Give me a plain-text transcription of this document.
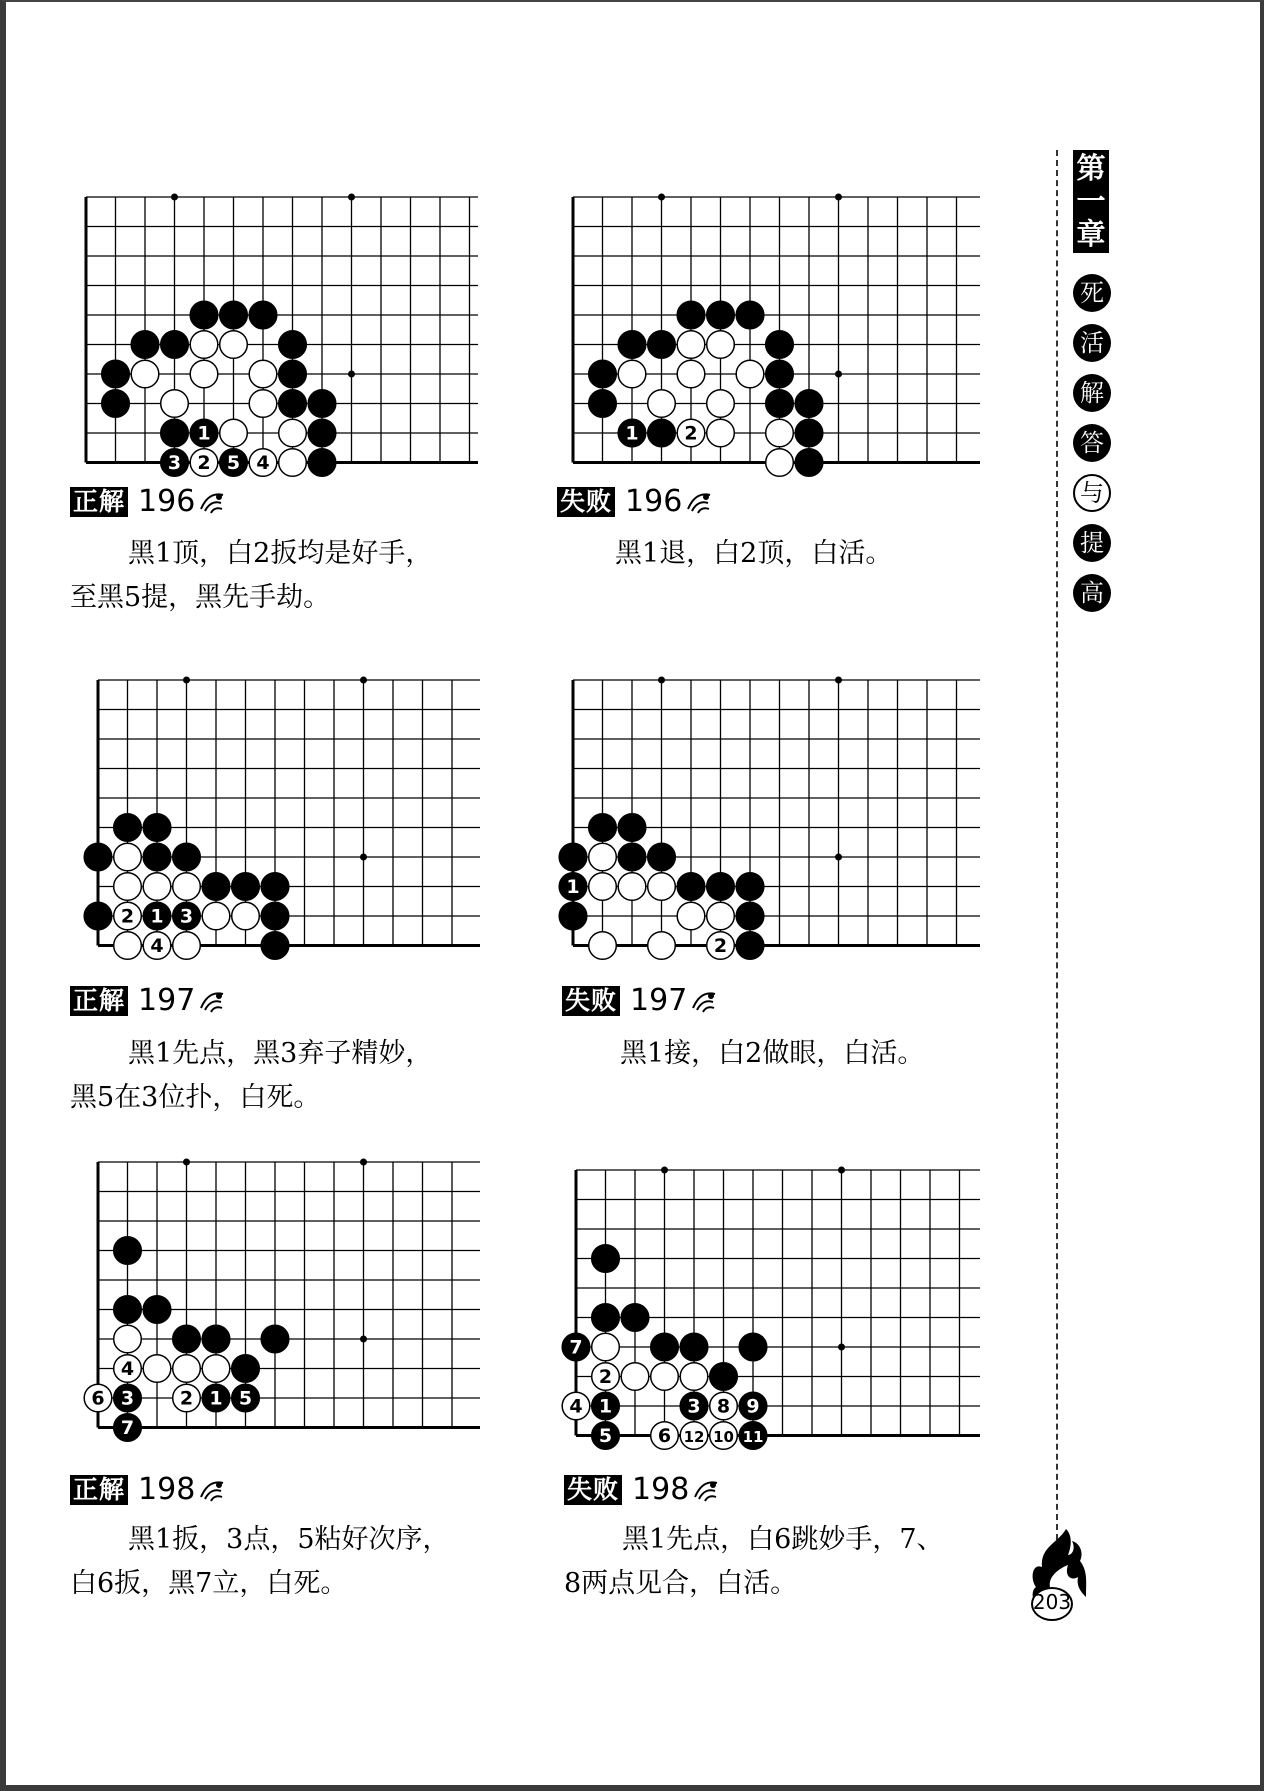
1
3 2 5 4
1 2
2 1 3
4
1
2
4
6 3 2 1 5
7
7
2
4 1	3 8 9
5 6 12 10 11
正解 196

黑1顶，白2扳均是好手，

至黑5提，黑先手劫。

失败 196

黑1退，白2顶，白活。

正解 197

黑1先点，黑3弃子精妙，

黑5在3位扑，白死。

失败 197

黑1接，白2做眼，白活。

正解 198

黑1扳，3点，5粘好次序，

白6扳，黑7立，白死。

失败 198

黑1先点，白6跳妙手，7、

8两点见合，白活。

第
一
章
死
活
解
答
与
提
高
203
